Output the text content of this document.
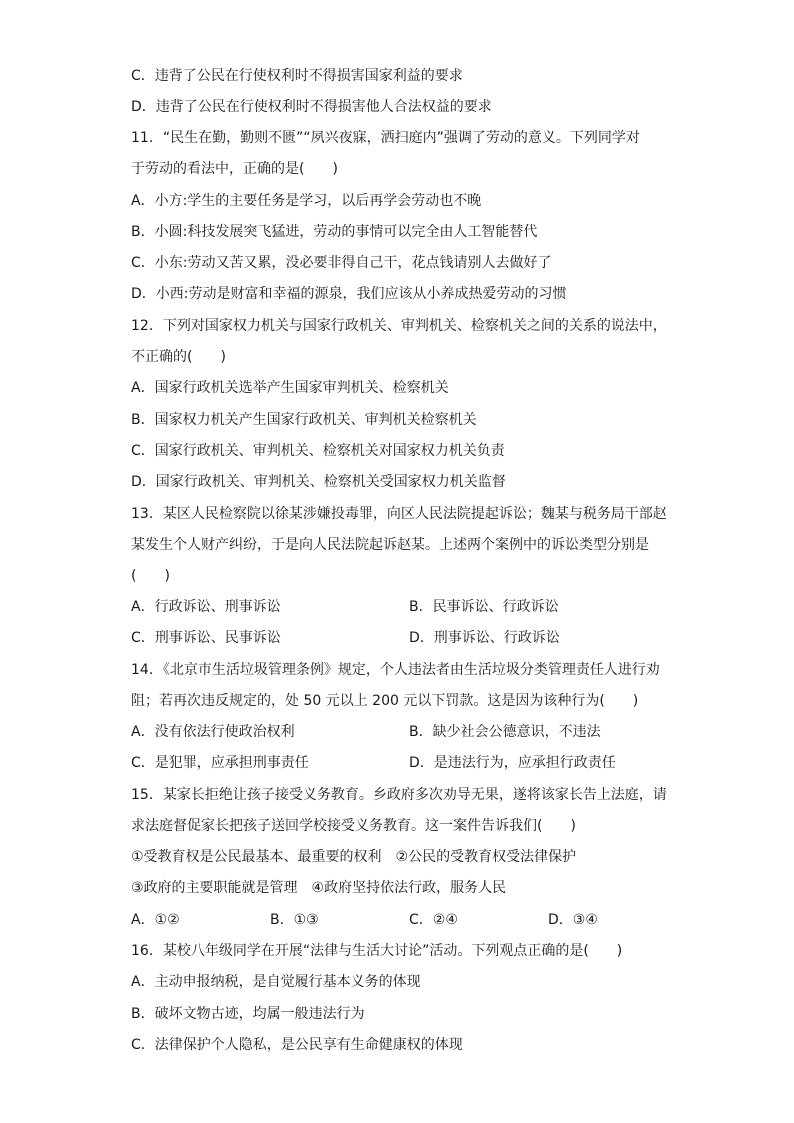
C．违背了公民在行使权利时不得损害国家利益的要求
D．违背了公民在行使权利时不得损害他人合法权益的要求
11．“民生在勤，勤则不匮”“夙兴夜寐，洒扫庭内”强调了劳动的意义。下列同学对
于劳动的看法中，正确的是(　　)
A．小方:学生的主要任务是学习，以后再学会劳动也不晚
B．小圆:科技发展突飞猛进，劳动的事情可以完全由人工智能替代
C．小东:劳动又苦又累，没必要非得自己干，花点钱请别人去做好了
D．小西:劳动是财富和幸福的源泉，我们应该从小养成热爱劳动的习惯
12．下列对国家权力机关与国家行政机关、审判机关、检察机关之间的关系的说法中，
不正确的(　　)
A．国家行政机关选举产生国家审判机关、检察机关
B．国家权力机关产生国家行政机关、审判机关检察机关
C．国家行政机关、审判机关、检察机关对国家权力机关负责
D．国家行政机关、审判机关、检察机关受国家权力机关监督
13．某区人民检察院以徐某涉嫌投毒罪，向区人民法院提起诉讼；魏某与税务局干部赵
某发生个人财产纠纷，于是向人民法院起诉赵某。上述两个案例中的诉讼类型分别是
(　　)
A．行政诉讼、刑事诉讼	B．民事诉讼、行政诉讼
C．刑事诉讼、民事诉讼	D．刑事诉讼、行政诉讼
14．《北京市生活垃圾管理条例》规定，个人违法者由生活垃圾分类管理责任人进行劝
阻；若再次违反规定的，处 50 元以上 200 元以下罚款。这是因为该种行为(　　)
A．没有依法行使政治权利	B．缺少社会公德意识，不违法
C．是犯罪，应承担刑事责任	D．是违法行为，应承担行政责任
15．某家长拒绝让孩子接受义务教育。乡政府多次劝导无果，遂将该家长告上法庭，请
求法庭督促家长把孩子送回学校接受义务教育。这一案件告诉我们(　　)
①受教育权是公民最基本、最重要的权利　②公民的受教育权受法律保护
③政府的主要职能就是管理　④政府坚持依法行政，服务人民
A．①②	B．①③	C．②④	D．③④
16．某校八年级同学在开展“法律与生活大讨论”活动。下列观点正确的是(　　)
A．主动申报纳税，是自觉履行基本义务的体现
B．破坏文物古迹，均属一般违法行为
C．法律保护个人隐私，是公民享有生命健康权的体现
